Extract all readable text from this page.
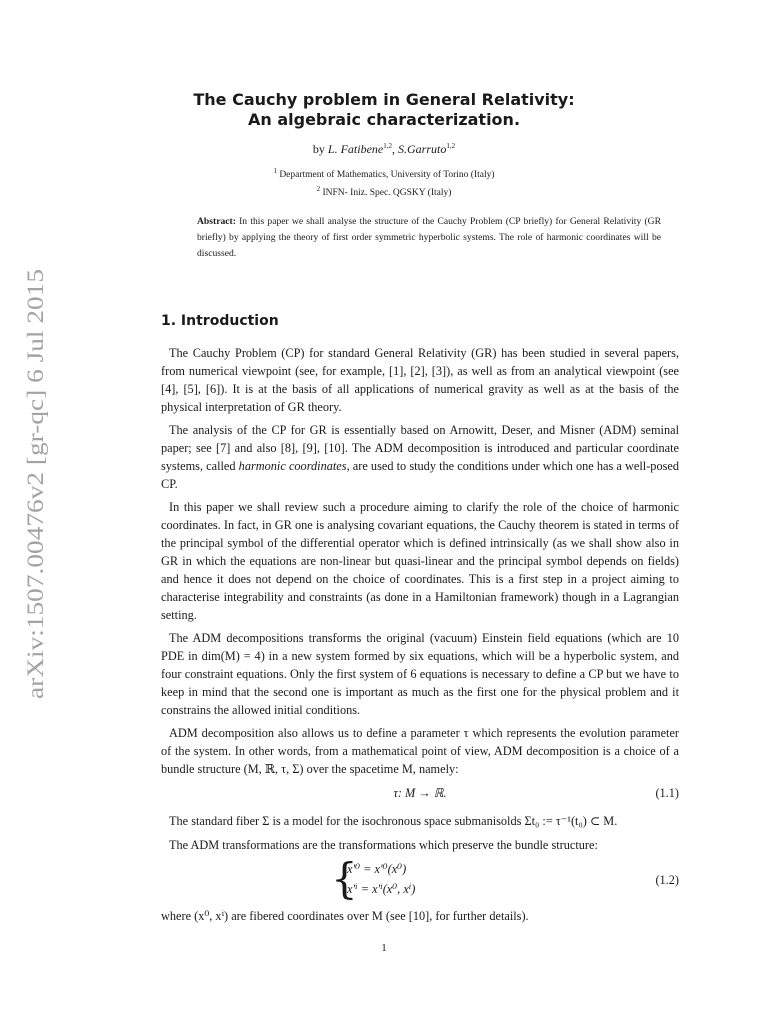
arXiv:1507.00476v2 [gr-qc] 6 Jul 2015
The Cauchy problem in General Relativity:
An algebraic characterization.
by L. Fatibene$^{1,2}$, S.Garruto$^{1,2}$
$^1$ Department of Mathematics, University of Torino (Italy)
$^2$ INFN- Iniz. Spec. QGSKY (Italy)
Abstract: In this paper we shall analyse the structure of the Cauchy Problem (CP briefly) for General Relativity (GR briefly) by applying the theory of first order symmetric hyperbolic systems. The role of harmonic coordinates will be discussed.
1. Introduction

The Cauchy Problem (CP) for standard General Relativity (GR) has been studied in several papers, from numerical viewpoint (see, for example, [1], [2], [3]), as well as from an analytical viewpoint (see [4], [5], [6]). It is at the basis of all applications of numerical gravity as well as at the basis of the physical interpretation of GR theory.

The analysis of the CP for GR is essentially based on Arnowitt, Deser, and Misner (ADM) seminal paper; see [7] and also [8], [9], [10]. The ADM decomposition is introduced and particular coordinate systems, called harmonic coordinates, are used to study the conditions under which one has a well-posed CP.

In this paper we shall review such a procedure aiming to clarify the role of the choice of harmonic coordinates. In fact, in GR one is analysing covariant equations, the Cauchy theorem is stated in terms of the principal symbol of the differential operator which is defined intrinsically (as we shall show also in GR in which the equations are non-linear but quasi-linear and the principal symbol depends on fields) and hence it does not depend on the choice of coordinates. This is a first step in a project aiming to characterise integrability and constraints (as done in a Hamiltonian framework) though in a Lagrangian setting.

The ADM decompositions transforms the original (vacuum) Einstein field equations (which are 10 PDE in dim(M) = 4) in a new system formed by six equations, which will be a hyperbolic system, and four constraint equations. Only the first system of 6 equations is necessary to define a CP but we have to keep in mind that the second one is important as much as the first one for the physical problem and it constrains the allowed initial conditions.

ADM decomposition also allows us to define a parameter τ which represents the evolution parameter of the system. In other words, from a mathematical point of view, ADM decomposition is a choice of a bundle structure (M, ℝ, τ, Σ) over the spacetime M, namely:

τ: M → ℝ.	(1.1)
The standard fiber Σ is a model for the isochronous space submanisolds Σt₀ := τ⁻¹(t₀) ⊂ M.
The ADM transformations are the transformations which preserve the bundle structure:
{
x′⁰ = x′⁰(x⁰)
x′ⁱ = x′ⁱ(x⁰, xⁱ)
(1.2)
where (x⁰, xⁱ) are fibered coordinates over M (see [10], for further details).
1
